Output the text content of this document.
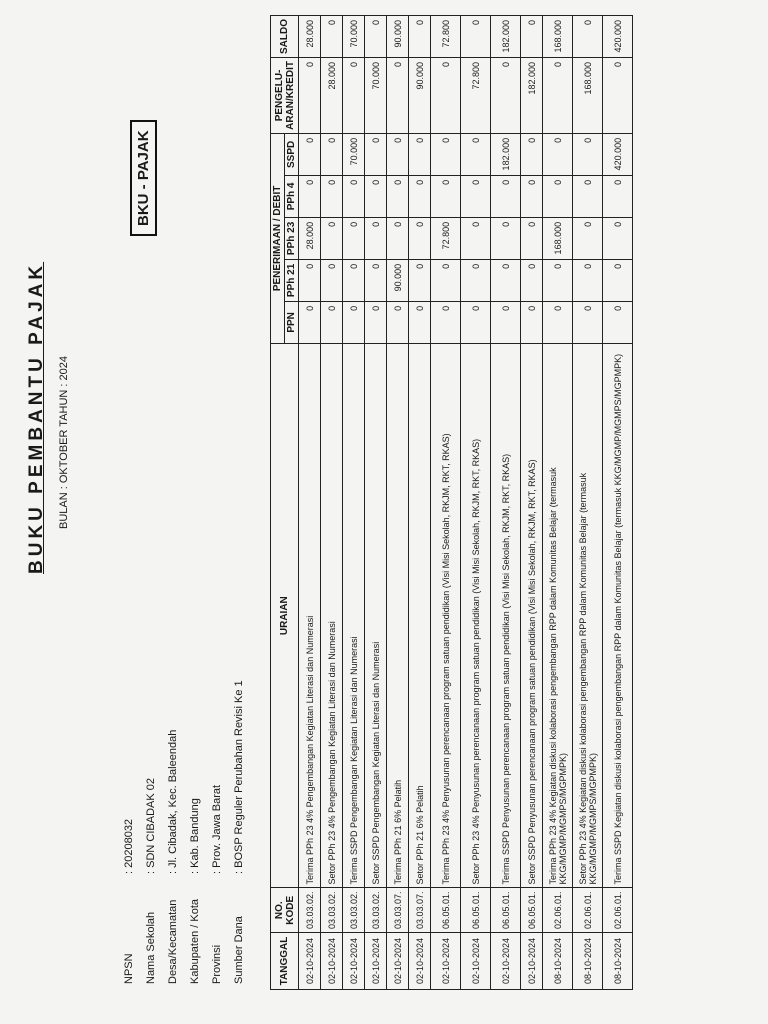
BUKU PEMBANTU PAJAK BULAN : OKTOBER TAHUN : 2024
BKU - PAJAK
NPSN
: 20208032
Nama Sekolah
: SDN CIBADAK 02
Desa/Kecamatan
: Jl. Cibadak, Kec. Baleendah
Kabupaten / Kota
: Kab. Bandung
Provinsi
: Prov. Jawa Barat
Sumber Dana
: BOSP Reguler Perubahan Revisi Ke 1
TANGGAL	NO. KODE	URAIAN	PENERIMAAN / DEBIT					PENGELU-ARAN/KREDIT	SALDO
			PPN	PPh 21	PPh 23	PPh 4	SSPD		
02-10-2024	03.03.02.	Terima PPh 23 4% Pengembangan Kegiatan Literasi dan Numerasi	0	0	28.000	0	0	0	28.000
02-10-2024	03.03.02.	Setor PPh 23 4% Pengembangan Kegiatan Literasi dan Numerasi	0	0	0	0	0	28.000	0
02-10-2024	03.03.02.	Terima SSPD Pengembangan Kegiatan Literasi dan Numerasi	0	0	0	0	70.000	0	70.000
02-10-2024	03.03.02.	Setor SSPD Pengembangan Kegiatan Literasi dan Numerasi	0	0	0	0	0	70.000	0
02-10-2024	03.03.07.	Terima PPh 21 6% Pelatih	0	90.000	0	0	0	0	90.000
02-10-2024	03.03.07.	Setor PPh 21 6% Pelatih	0	0	0	0	0	90.000	0
02-10-2024	06.05.01.	Terima PPh 23 4% Penyusunan perencanaan program satuan pendidikan (Visi Misi Sekolah, RKJM, RKT, RKAS)	0	0	72.800	0	0	0	72.800
02-10-2024	06.05.01.	Setor PPh 23 4% Penyusunan perencanaan program satuan pendidikan (Visi Misi Sekolah, RKJM, RKT, RKAS)	0	0	0	0	0	72.800	0
02-10-2024	06.05.01.	Terima SSPD Penyusunan perencanaan program satuan pendidikan (Visi Misi Sekolah, RKJM, RKT, RKAS)	0	0	0	0	182.000	0	182.000
02-10-2024	06.05.01.	Setor SSPD Penyusunan perencanaan program satuan pendidikan (Visi Misi Sekolah, RKJM, RKT, RKAS)	0	0	0	0	0	182.000	0
08-10-2024	02.06.01.	Terima PPh 23 4% Kegiatan diskusi kolaborasi pengembangan RPP dalam Komunitas Belajar (termasuk KKG/MGMP/MGMPS/MGPMPK)	0	0	168.000	0	0	0	168.000
08-10-2024	02.06.01.	Setor PPh 23 4% Kegiatan diskusi kolaborasi pengembangan RPP dalam Komunitas Belajar (termasuk KKG/MGMP/MGMPS/MGPMPK)	0	0	0	0	0	168.000	0
08-10-2024	02.06.01.	Terima SSPD Kegiatan diskusi kolaborasi pengembangan RPP dalam Komunitas Belajar (termasuk KKG/MGMP/MGMPS/MGPMPK)	0	0	0	0	420.000	0	420.000
